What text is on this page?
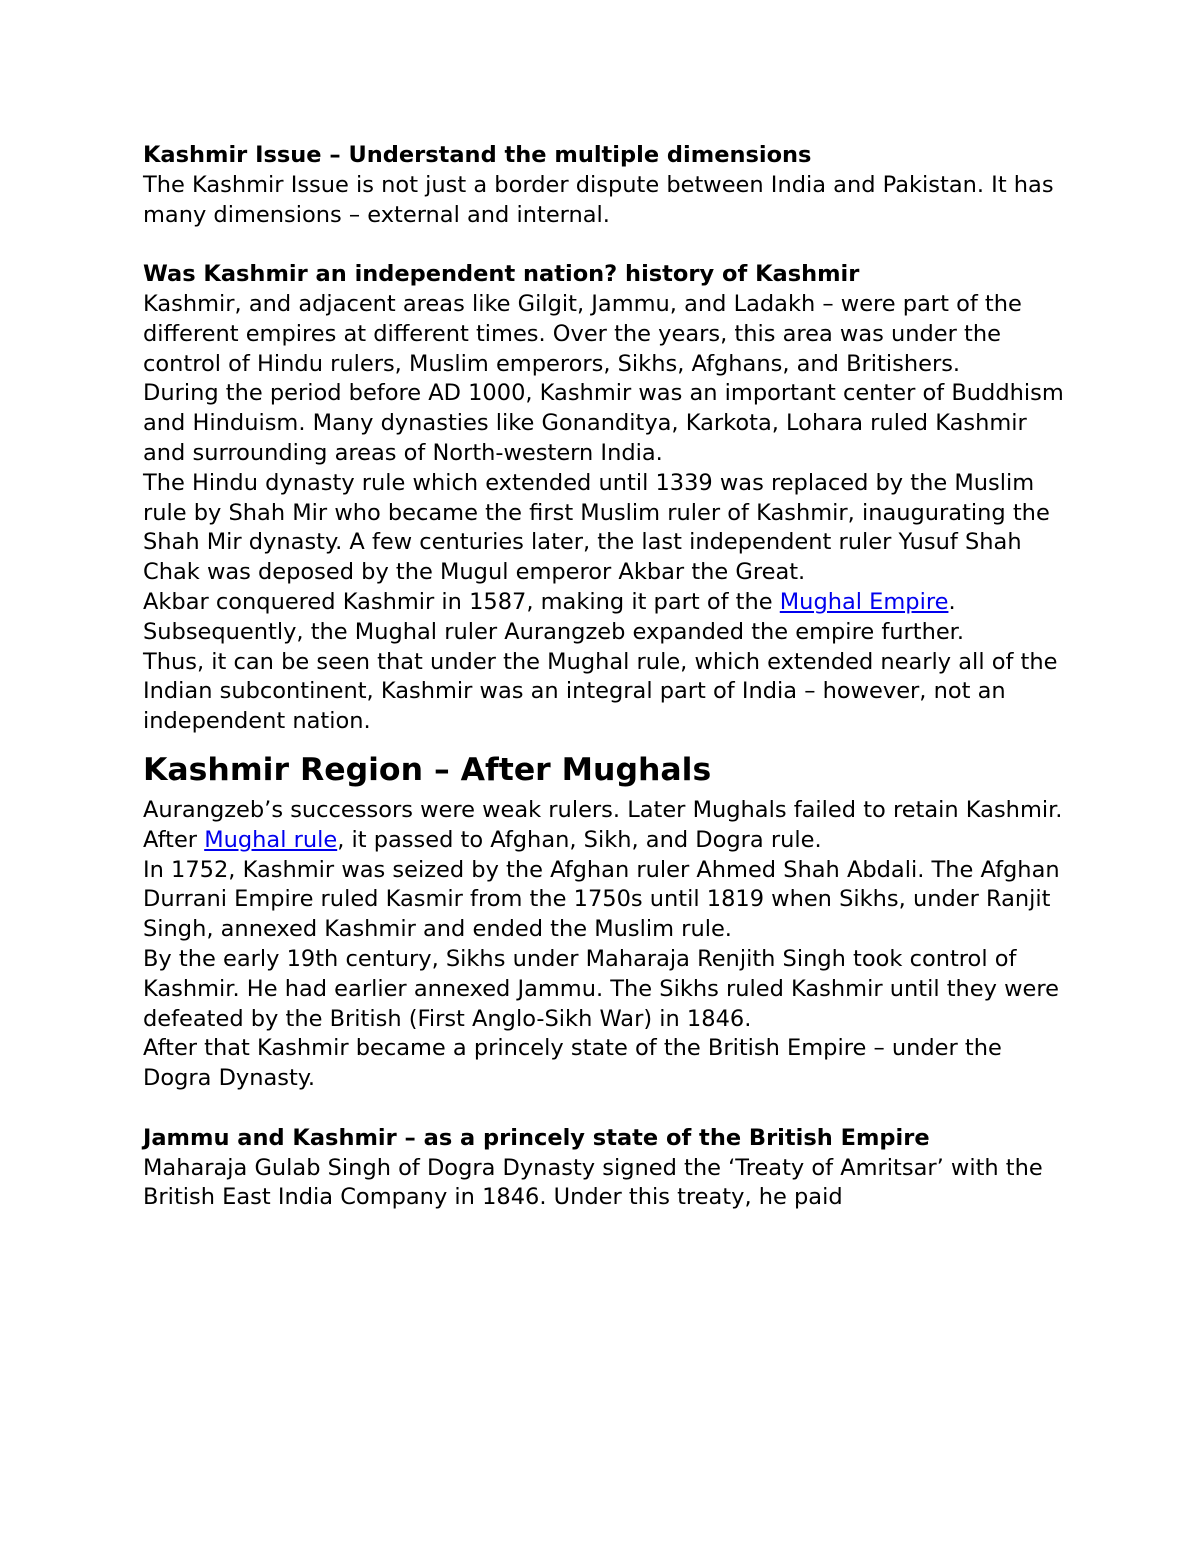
Kashmir Issue – Understand the multiple dimensions

The Kashmir Issue is not just a border dispute between India and Pakistan. It has many dimensions – external and internal.

Was Kashmir an independent nation? history of Kashmir

Kashmir, and adjacent areas like Gilgit, Jammu, and Ladakh – were part of the different empires at different times. Over the years, this area was under the control of Hindu rulers, Muslim emperors, Sikhs, Afghans, and Britishers.

During the period before AD 1000, Kashmir was an important center of Buddhism and Hinduism. Many dynasties like Gonanditya, Karkota, Lohara ruled Kashmir and surrounding areas of North-western India.

The Hindu dynasty rule which extended until 1339 was replaced by the Muslim rule by Shah Mir who became the first Muslim ruler of Kashmir, inaugurating the Shah Mir dynasty. A few centuries later, the last independent ruler Yusuf Shah Chak was deposed by the Mugul emperor Akbar the Great.

Akbar conquered Kashmir in 1587, making it part of the Mughal Empire. Subsequently, the Mughal ruler Aurangzeb expanded the empire further.

Thus, it can be seen that under the Mughal rule, which extended nearly all of the Indian subcontinent, Kashmir was an integral part of India – however, not an independent nation.

Kashmir Region – After Mughals

Aurangzeb’s successors were weak rulers. Later Mughals failed to retain Kashmir. After Mughal rule, it passed to Afghan, Sikh, and Dogra rule.

In 1752, Kashmir was seized by the Afghan ruler Ahmed Shah Abdali. The Afghan Durrani Empire ruled Kasmir from the 1750s until 1819 when Sikhs, under Ranjit Singh, annexed Kashmir and ended the Muslim rule.

By the early 19th century, Sikhs under Maharaja Renjith Singh took control of Kashmir. He had earlier annexed Jammu. The Sikhs ruled Kashmir until they were defeated by the British (First Anglo-Sikh War) in 1846.

After that Kashmir became a princely state of the British Empire – under the Dogra Dynasty.

Jammu and Kashmir – as a princely state of the British Empire

Maharaja Gulab Singh of Dogra Dynasty signed the ‘Treaty of Amritsar’ with the British East India Company in 1846. Under this treaty, he paid
